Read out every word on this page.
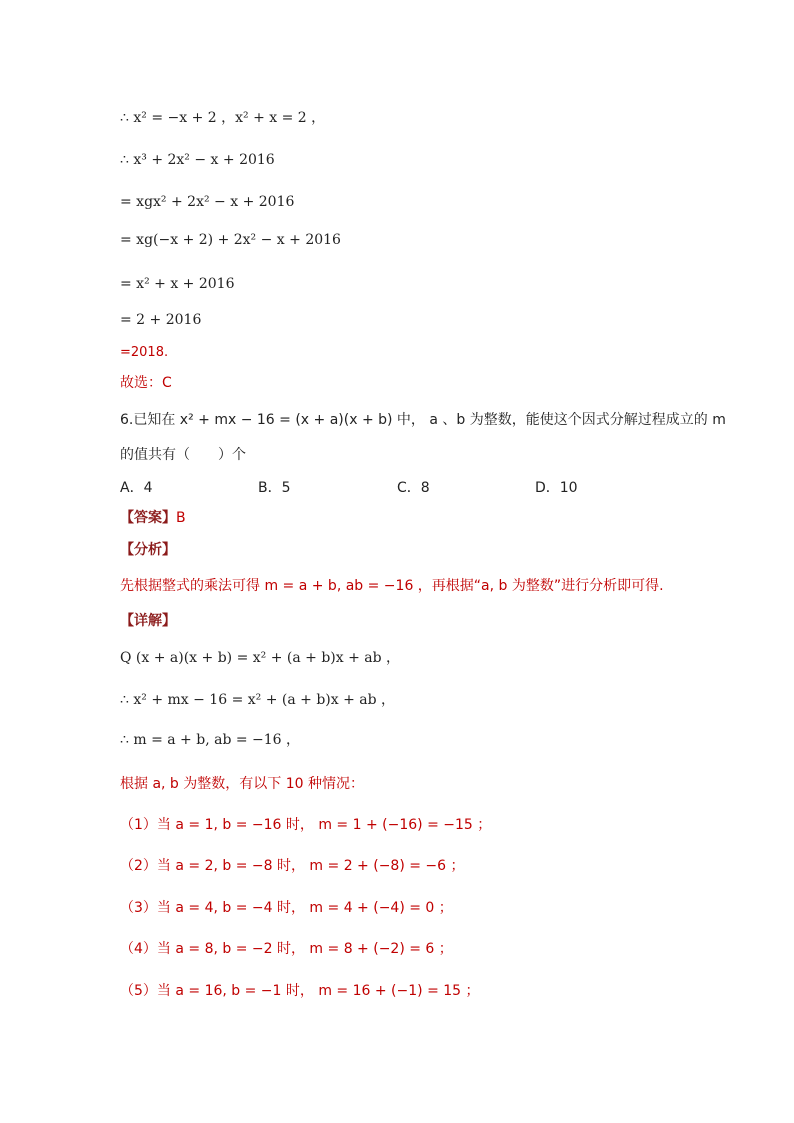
∴ x² = −x + 2 ，x² + x = 2 ，
∴ x³ + 2x² − x + 2016
= xgx² + 2x² − x + 2016
= xg(−x + 2) + 2x² − x + 2016
= x² + x + 2016
= 2 + 2016
=2018.
故选：C
6.已知在 x² + mx − 16 = (x + a)(x + b) 中， a 、b 为整数，能使这个因式分解过程成立的 m
的值共有（　　）个
A．4	B．5	C．8	D．10
【答案】B
【分析】
先根据整式的乘法可得 m = a + b, ab = −16 ，再根据“a, b 为整数”进行分析即可得.
【详解】
Q (x + a)(x + b) = x² + (a + b)x + ab ，
∴ x² + mx − 16 = x² + (a + b)x + ab ，
∴ m = a + b, ab = −16 ，
根据 a, b 为整数，有以下 10 种情况：
（1）当 a = 1, b = −16 时， m = 1 + (−16) = −15 ；
（2）当 a = 2, b = −8 时， m = 2 + (−8) = −6 ；
（3）当 a = 4, b = −4 时， m = 4 + (−4) = 0 ；
（4）当 a = 8, b = −2 时， m = 8 + (−2) = 6 ；
（5）当 a = 16, b = −1 时， m = 16 + (−1) = 15 ；
